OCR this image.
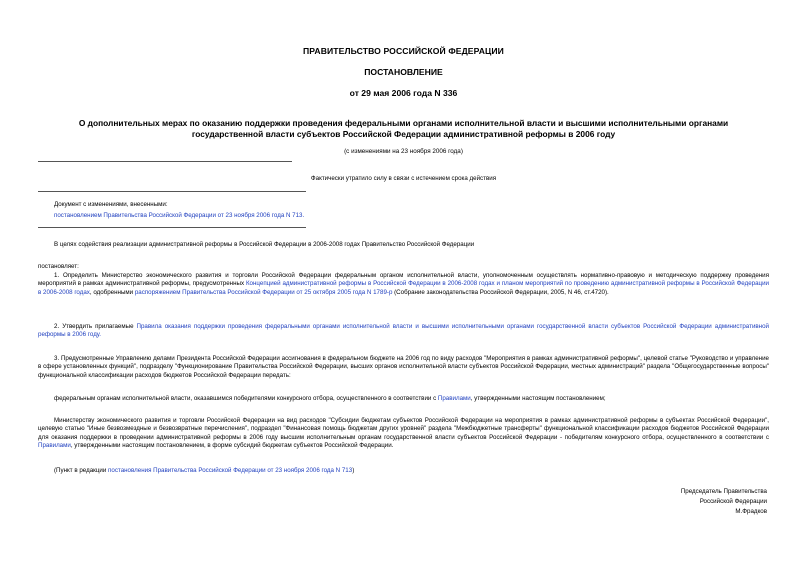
ПРАВИТЕЛЬСТВО РОССИЙСКОЙ ФЕДЕРАЦИИ
ПОСТАНОВЛЕНИЕ
от 29 мая 2006 года N 336
О дополнительных мерах по оказанию поддержки проведения федеральными органами исполнительной власти и высшими исполнительными органами государственной власти субъектов Российской Федерации административной реформы в 2006 году
(с изменениями на 23 ноября 2006 года)
Фактически утратило силу в связи с истечением срока действия
Документ с изменениями, внесенными:
постановлением Правительства Российской Федерации от 23 ноября 2006 года N 713.
В целях содействия реализации административной реформы в Российской Федерации в 2006-2008 годах Правительство Российской Федерации
постановляет:
1. Определить Министерство экономического развития и торговли Российской Федерации федеральным органом исполнительной власти, уполномоченным осуществлять нормативно-правовую и методическую поддержку проведения мероприятий в рамках административной реформы, предусмотренных Концепцией административной реформы в Российской Федерации в 2006-2008 годах и планом мероприятий по проведению административной реформы в Российской Федерации в 2006-2008 годах, одобренными распоряжением Правительства Российской Федерации от 25 октября 2005 года N 1789-р (Собрание законодательства Российской Федерации, 2005, N 46, ст.4720).
2. Утвердить прилагаемые Правила оказания поддержки проведения федеральными органами исполнительной власти и высшими исполнительными органами государственной власти субъектов Российской Федерации административной реформы в 2006 году.
3. Предусмотренные Управлению делами Президента Российской Федерации ассигнования в федеральном бюджете на 2006 год по виду расходов "Мероприятия в рамках административной реформы", целевой статье "Руководство и управление в сфере установленных функций", подразделу "Функционирование Правительства Российской Федерации, высших органов исполнительной власти субъектов Российской Федерации, местных администраций" раздела "Общегосударственные вопросы" функциональной классификации расходов бюджетов Российской Федерации передать:
федеральным органам исполнительной власти, оказавшимся победителями конкурсного отбора, осуществленного в соответствии с Правилами, утвержденными настоящим постановлением;
Министерству экономического развития и торговли Российской Федерации на вид расходов "Субсидии бюджетам субъектов Российской Федерации на мероприятия в рамках административной реформы в субъектах Российской Федерации", целевую статью "Иные безвозмездные и безвозвратные перечисления", подраздел "Финансовая помощь бюджетам других уровней" раздела "Межбюджетные трансферты" функциональной классификации расходов бюджетов Российской Федерации для оказания поддержки в проведении административной реформы в 2006 году высшим исполнительным органам государственной власти субъектов Российской Федерации - победителям конкурсного отбора, осуществленного в соответствии с Правилами, утвержденными настоящим постановлением, в форме субсидий бюджетам субъектов Российской Федерации.
(Пункт в редакции постановления Правительства Российской Федерации от 23 ноября 2006 года N 713)
Председатель Правительства
Российской Федерации
М.Фрадков
